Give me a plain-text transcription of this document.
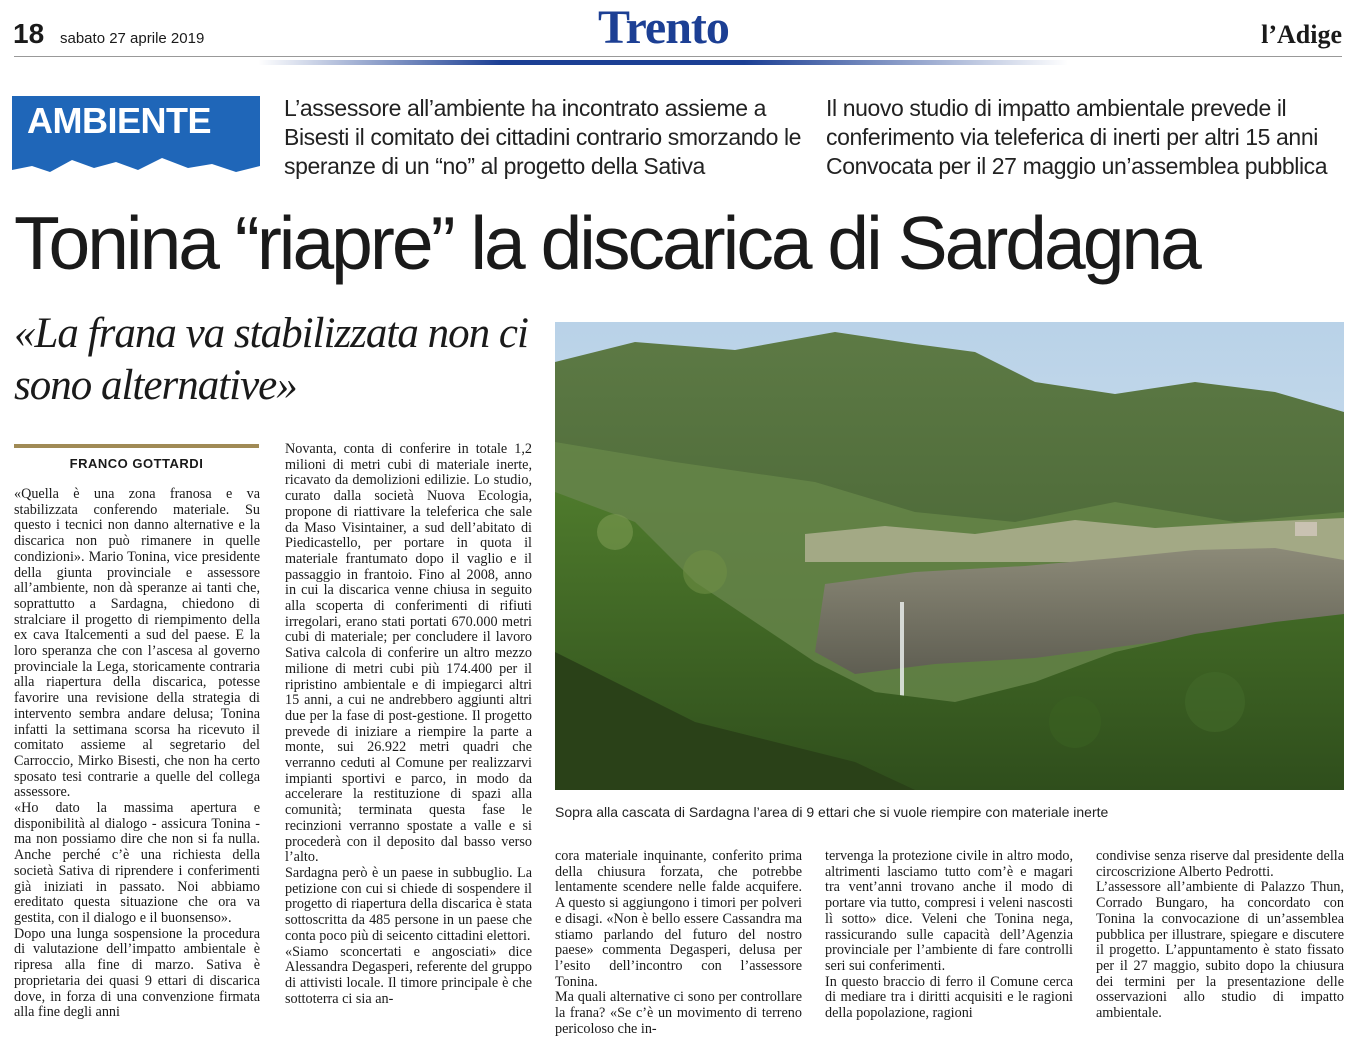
18 sabato 27 aprile 2019	Trento	l’Adige
AMBIENTE	L’assessore all’ambiente ha incontrato assieme a Bisesti il comitato dei cittadini contrario smorzando le speranze di un “no” al progetto della Sativa
Il nuovo studio di impatto ambientale prevede il conferimento via teleferica di inerti per altri 15 anni Convocata per il 27 maggio un’assemblea pubblica
Tonina “riapre” la discarica di Sardagna
«La frana va stabilizzata non ci sono alternative»
FRANCO GOTTARDI
Sopra alla cascata di Sardagna l’area di 9 ettari che si vuole riempire con materiale inerte

«Quella è una zona franosa e va stabilizzata conferendo materiale. Su questo i tecnici non danno alternative e la discarica non può rimanere in quelle condizioni». Mario Tonina, vice presidente della giunta provinciale e assessore all’ambiente, non dà speranze ai tanti che, soprattutto a Sardagna, chiedono di stralciare il progetto di riempimento della ex cava Italcementi a sud del paese. E la loro speranza che con l’ascesa al governo provinciale la Lega, storicamente contraria alla riapertura della discarica, potesse favorire una revisione della strategia di intervento sembra andare delusa; Tonina infatti la settimana scorsa ha ricevuto il comitato assieme al segretario del Carroccio, Mirko Bisesti, che non ha certo sposato tesi contrarie a quelle del collega assessore.

«Ho dato la massima apertura e disponibilità al dialogo - assicura Tonina - ma non possiamo dire che non si fa nulla. Anche perché c’è una richiesta della società Sativa di riprendere i conferimenti già iniziati in passato. Noi abbiamo ereditato questa situazione che ora va gestita, con il dialogo e il buonsenso».

Dopo una lunga sospensione la procedura di valutazione dell’impatto ambientale è ripresa alla fine di marzo. Sativa è proprietaria dei quasi 9 ettari di discarica dove, in forza di una convenzione firmata alla fine degli anni

Novanta, conta di conferire in totale 1,2 milioni di metri cubi di materiale inerte, ricavato da demolizioni edilizie. Lo studio, curato dalla società Nuova Ecologia, propone di riattivare la teleferica che sale da Maso Visintainer, a sud dell’abitato di Piedicastello, per portare in quota il materiale frantumato dopo il vaglio e il passaggio in frantoio. Fino al 2008, anno in cui la discarica venne chiusa in seguito alla scoperta di conferimenti di rifiuti irregolari, erano stati portati 670.000 metri cubi di materiale; per concludere il lavoro Sativa calcola di conferire un altro mezzo milione di metri cubi più 174.400 per il ripristino ambientale e di impiegarci altri 15 anni, a cui ne andrebbero aggiunti altri due per la fase di post-gestione. Il progetto prevede di iniziare a riempire la parte a monte, sui 26.922 metri quadri che verranno ceduti al Comune per realizzarvi impianti sportivi e parco, in modo da accelerare la restituzione di spazi alla comunità; terminata questa fase le recinzioni verranno spostate a valle e si procederà con il deposito dal basso verso l’alto.

Sardagna però è un paese in subbuglio. La petizione con cui si chiede di sospendere il progetto di riapertura della discarica è stata sottoscritta da 485 persone in un paese che conta poco più di seicento cittadini elettori.

«Siamo sconcertati e angosciati» dice Alessandra Degasperi, referente del gruppo di attivisti locale. Il timore principale è che sottoterra ci sia an-

cora materiale inquinante, conferito prima della chiusura forzata, che potrebbe lentamente scendere nelle falde acquifere. A questo si aggiungono i timori per polveri e disagi. «Non è bello essere Cassandra ma stiamo parlando del futuro del nostro paese» commenta Degasperi, delusa per l’esito dell’incontro con l’assessore Tonina.

Ma quali alternative ci sono per controllare la frana? «Se c’è un movimento di terreno pericoloso che in-

tervenga la protezione civile in altro modo, altrimenti lasciamo tutto com’è e magari tra vent’anni trovano anche il modo di portare via tutto, compresi i veleni nascosti lì sotto» dice. Veleni che Tonina nega, rassicurando sulle capacità dell’Agenzia provinciale per l’ambiente di fare controlli seri sui conferimenti.

In questo braccio di ferro il Comune cerca di mediare tra i diritti acquisiti e le ragioni della popolazione, ragioni

condivise senza riserve dal presidente della circoscrizione Alberto Pedrotti.

L’assessore all’ambiente di Palazzo Thun, Corrado Bungaro, ha concordato con Tonina la convocazione di un’assemblea pubblica per illustrare, spiegare e discutere il progetto. L’appuntamento è stato fissato per il 27 maggio, subito dopo la chiusura dei termini per la presentazione delle osservazioni allo studio di impatto ambientale.
